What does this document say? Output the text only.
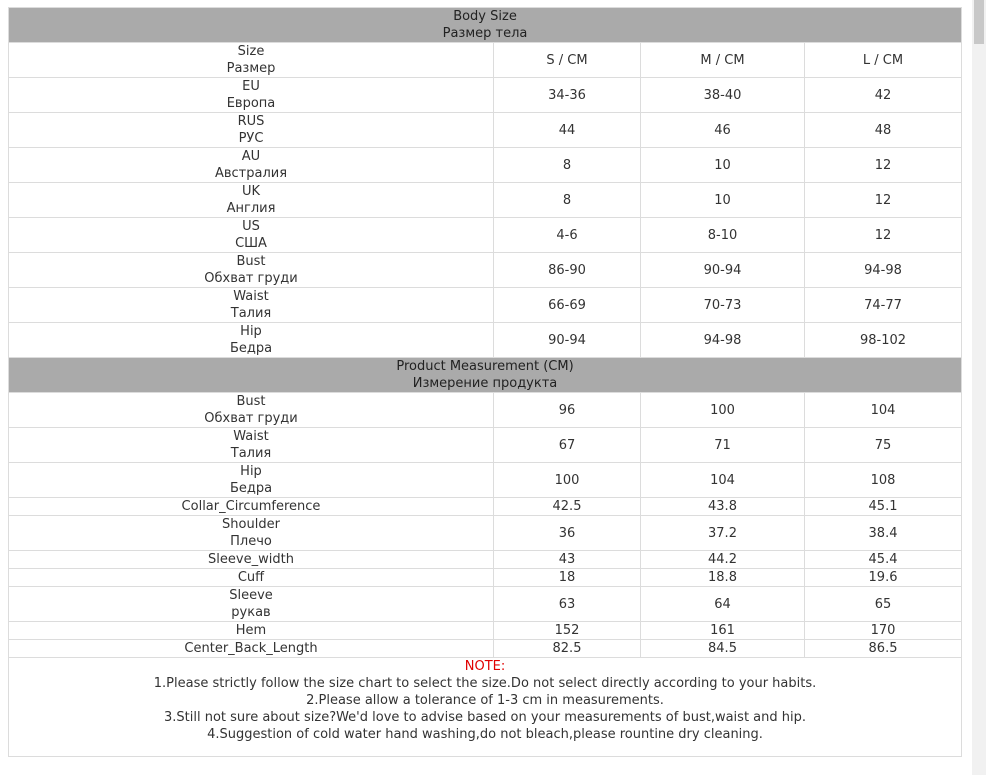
Body Size
Размер тела			

Size
Размер	S / CM	M / CM	L / CM

EU
Европа	34-36	38-40	42

RUS
РУС	44	46	48

AU
Австралия	8	10	12

UK
Англия	8	10	12

US
США	4-6	8-10	12

Bust
Обхват груди	86-90	90-94	94-98

Waist
Талия	66-69	70-73	74-77

Hip
Бедра	90-94	94-98	98-102

Product Measurement (CM)
Измерение продукта			

Bust
Обхват груди	96	100	104

Waist
Талия	67	71	75

Hip
Бедра	100	104	108

Collar_Circumference	42.5	43.8	45.1

Shoulder
Плечо	36	37.2	38.4

Sleeve_width	43	44.2	45.4

Cuff	18	18.8	19.6

Sleeve
рукав	63	64	65

Hem	152	161	170

Center_Back_Length	82.5	84.5	86.5

NOTE:
1.Please strictly follow the size chart to select the size.Do not select directly according to your habits.
2.Please allow a tolerance of 1-3 cm in measurements.
3.Still not sure about size?We'd love to advise based on your measurements of bust,waist and hip.
4.Suggestion of cold water hand washing,do not bleach,please rountine dry cleaning.			
